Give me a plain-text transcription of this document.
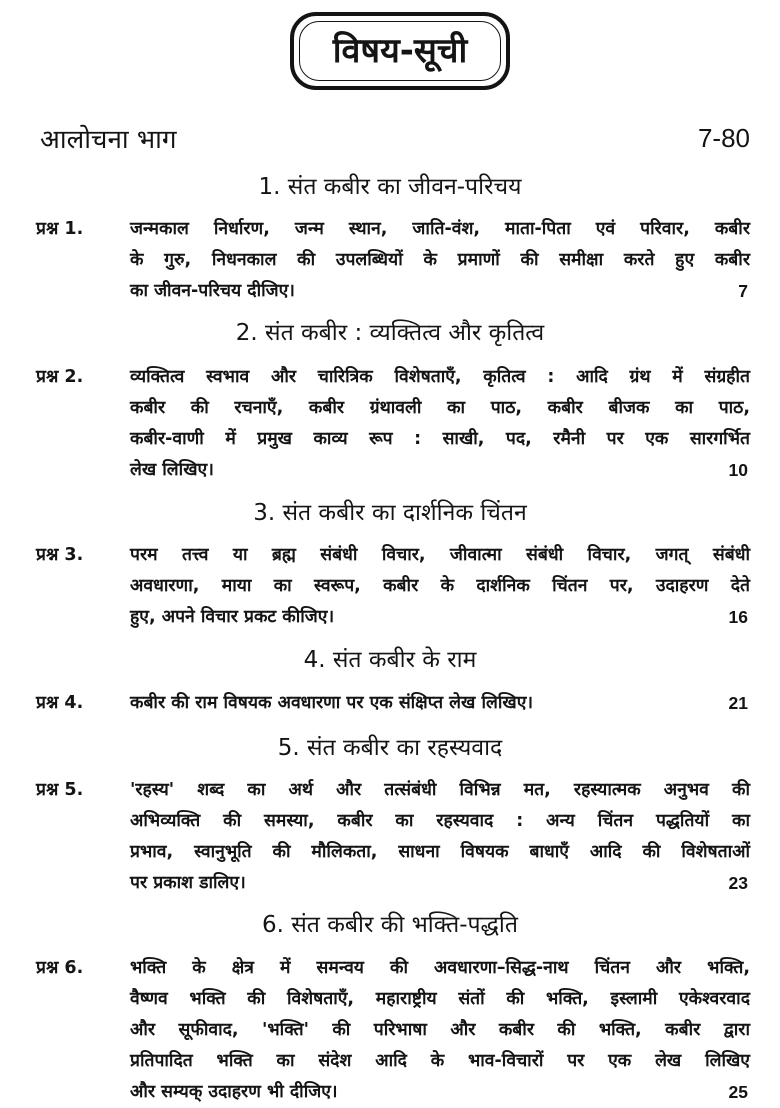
विषय-सूची
आलोचना भाग	7-80
1. संत कबीर का जीवन-परिचय
प्रश्न 1.	जन्मकाल निर्धारण, जन्म स्थान, जाति-वंश, माता-पिता एवं परिवार, कबीर
के गुरु, निधनकाल की उपलब्धियों के प्रमाणों की समीक्षा करते हुए कबीर
का जीवन-परिचय दीजिए।	7
2. संत कबीर : व्यक्तित्व और कृतित्व
प्रश्न 2.	व्यक्तित्व स्वभाव और चारित्रिक विशेषताएँ, कृतित्व : आदि ग्रंथ में संग्रहीत
कबीर की रचनाएँ, कबीर ग्रंथावली का पाठ, कबीर बीजक का पाठ,
कबीर-वाणी में प्रमुख काव्य रूप : साखी, पद, रमैनी पर एक सारगर्भित
लेख लिखिए।	10
3. संत कबीर का दार्शनिक चिंतन
प्रश्न 3.	परम तत्त्व या ब्रह्म संबंधी विचार, जीवात्मा संबंधी विचार, जगत् संबंधी
अवधारणा, माया का स्वरूप, कबीर के दार्शनिक चिंतन पर, उदाहरण देते
हुए, अपने विचार प्रकट कीजिए।	16
4. संत कबीर के राम
प्रश्न 4.	कबीर की राम विषयक अवधारणा पर एक संक्षिप्त लेख लिखिए।	21
5. संत कबीर का रहस्यवाद
प्रश्न 5.	'रहस्य' शब्द का अर्थ और तत्संबंधी विभिन्न मत, रहस्यात्मक अनुभव की
अभिव्यक्ति की समस्या, कबीर का रहस्यवाद : अन्य चिंतन पद्धतियों का
प्रभाव, स्वानुभूति की मौलिकता, साधना विषयक बाधाएँ आदि की विशेषताओं
पर प्रकाश डालिए।	23
6. संत कबीर की भक्ति-पद्धति
प्रश्न 6.	भक्ति के क्षेत्र में समन्वय की अवधारणा–सिद्ध-नाथ चिंतन और भक्ति,
वैष्णव भक्ति की विशेषताएँ, महाराष्ट्रीय संतों की भक्ति, इस्लामी एकेश्वरवाद
और सूफीवाद, 'भक्ति' की परिभाषा और कबीर की भक्ति, कबीर द्वारा
प्रतिपादित भक्ति का संदेश आदि के भाव-विचारों पर एक लेख लिखिए
और सम्यक् उदाहरण भी दीजिए।	25
